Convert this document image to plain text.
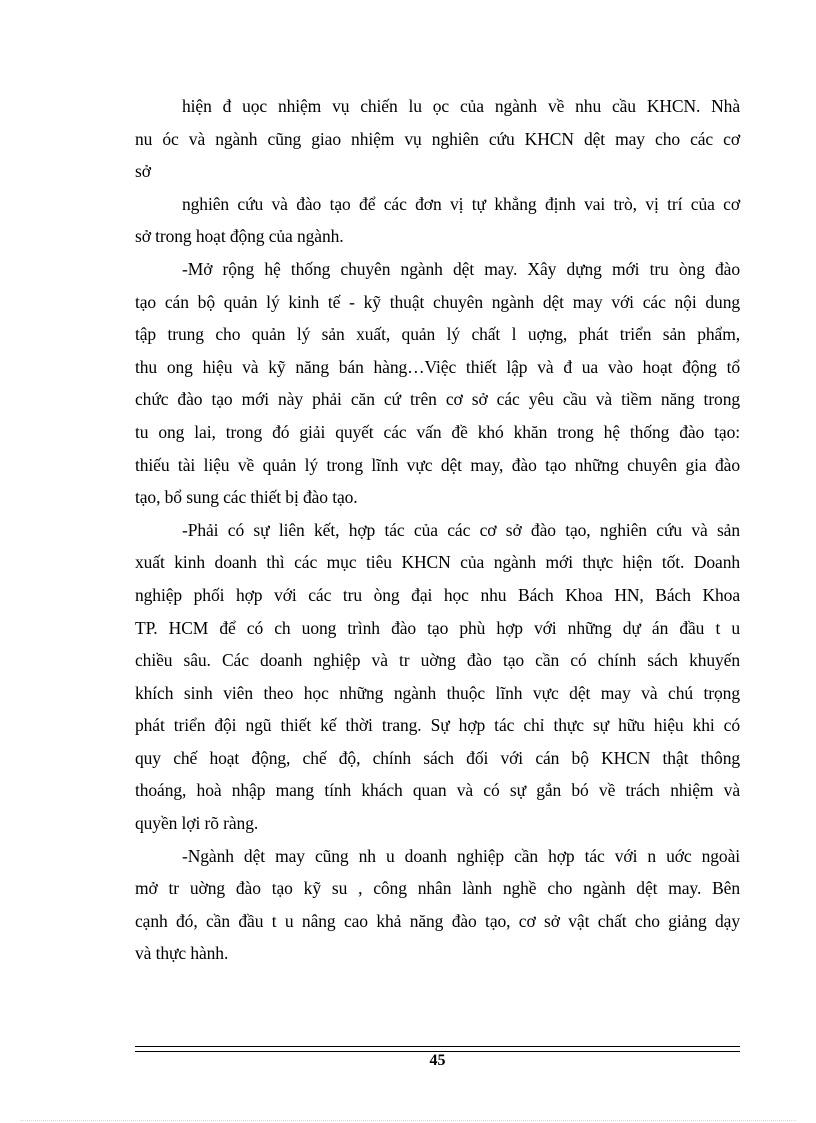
hiện đ uọc nhiệm vụ chiến lu ọc của ngành về nhu cầu KHCN. Nhà
nu óc và ngành cũng giao nhiệm vụ nghiên cứu KHCN dệt may cho các cơ
sở
nghiên cứu và đào tạo để các đơn vị tự khẳng định vai trò, vị trí của cơ
sở trong hoạt động của ngành.
-Mở rộng hệ thống chuyên ngành dệt may. Xây dựng mới tru òng đào
tạo cán bộ quản lý kinh tế - kỹ thuật chuyên ngành dệt may với các nội dung
tập trung cho quản lý sản xuất, quản lý chất l uợng, phát triển sản phẩm,
thu ong hiệu và kỹ năng bán hàng…Việc thiết lập và đ ua vào hoạt động tổ
chức đào tạo mới này phải căn cứ trên cơ sở các yêu cầu và tiềm năng trong
tu ong lai, trong đó giải quyết các vấn đề khó khăn trong hệ thống đào tạo:
thiếu tài liệu về quản lý trong lĩnh vực dệt may, đào tạo những chuyên gia đào
tạo, bổ sung các thiết bị đào tạo.
-Phải có sự liên kết, hợp tác của các cơ sở đào tạo, nghiên cứu và sản
xuất kinh doanh thì các mục tiêu KHCN của ngành mới thực hiện tốt. Doanh
nghiệp phối hợp với các tru òng đại học nhu Bách Khoa HN, Bách Khoa
TP. HCM để có ch uong trình đào tạo phù hợp với những dự án đầu t u
chiều sâu. Các doanh nghiệp và tr uờng đào tạo cần có chính sách khuyến
khích sinh viên theo học những ngành thuộc lĩnh vực dệt may và chú trọng
phát triển đội ngũ thiết kế thời trang. Sự hợp tác chỉ thực sự hữu hiệu khi có
quy chế hoạt động, chế độ, chính sách đối với cán bộ KHCN thật thông
thoáng, hoà nhập mang tính khách quan và có sự gắn bó về trách nhiệm và
quyền lợi rõ ràng.
-Ngành dệt may cũng nh u doanh nghiệp cần hợp tác với n uớc ngoài
mở tr uờng đào tạo kỹ su , công nhân lành nghề cho ngành dệt may. Bên
cạnh đó, cần đầu t u nâng cao khả năng đào tạo, cơ sở vật chất cho giảng dạy
và thực hành.
45
